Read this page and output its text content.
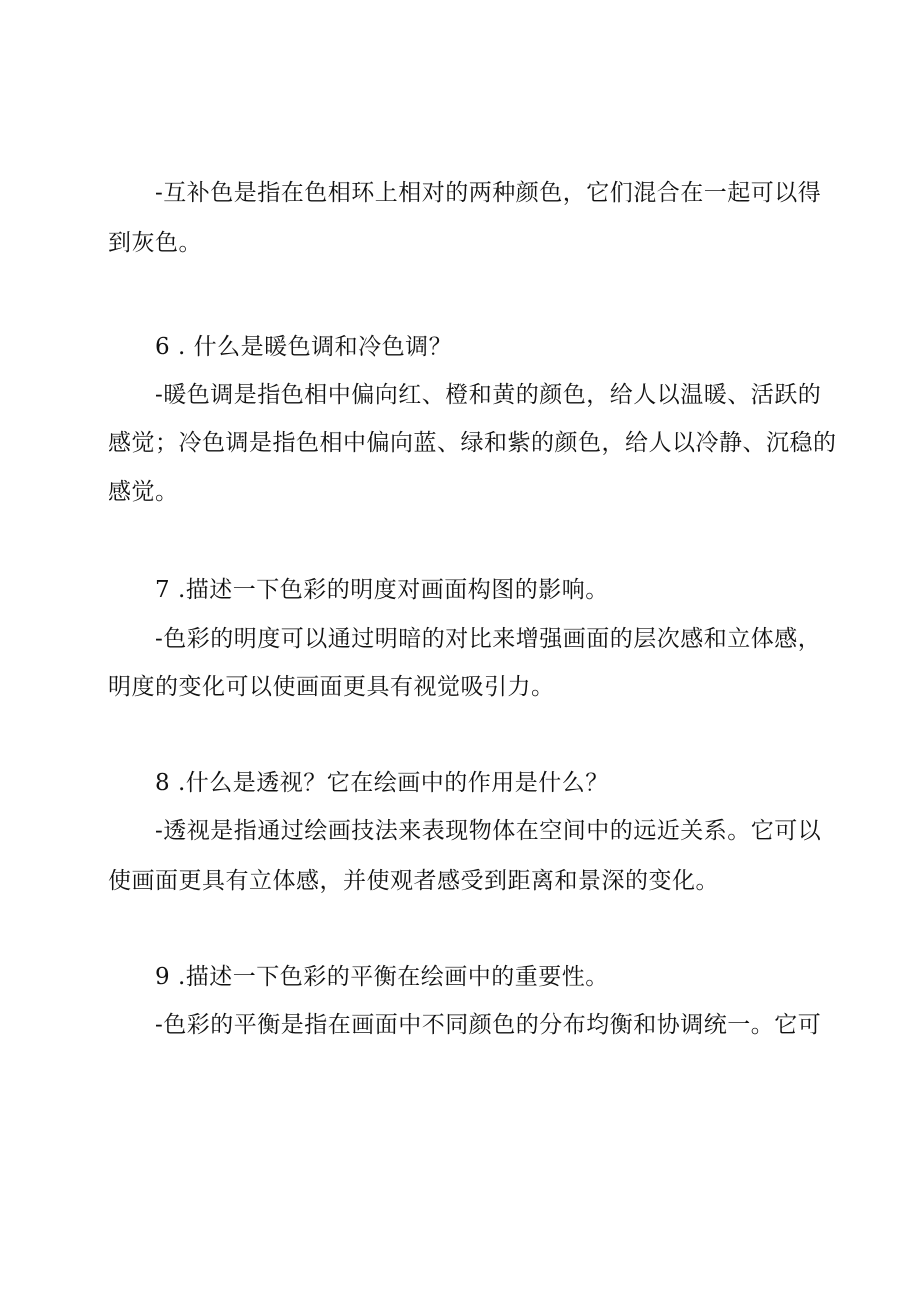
-互补色是指在色相环上相对的两种颜色，它们混合在一起可以得
到灰色。
6 . 什么是暖色调和冷色调？
-暖色调是指色相中偏向红、橙和黄的颜色，给人以温暖、活跃的
感觉；冷色调是指色相中偏向蓝、绿和紫的颜色，给人以冷静、沉稳的
感觉。
7 .描述一下色彩的明度对画面构图的影响。
-色彩的明度可以通过明暗的对比来增强画面的层次感和立体感，
明度的变化可以使画面更具有视觉吸引力。
8 .什么是透视？它在绘画中的作用是什么？
-透视是指通过绘画技法来表现物体在空间中的远近关系。它可以
使画面更具有立体感，并使观者感受到距离和景深的变化。
9 .描述一下色彩的平衡在绘画中的重要性。
-色彩的平衡是指在画面中不同颜色的分布均衡和协调统一。它可
